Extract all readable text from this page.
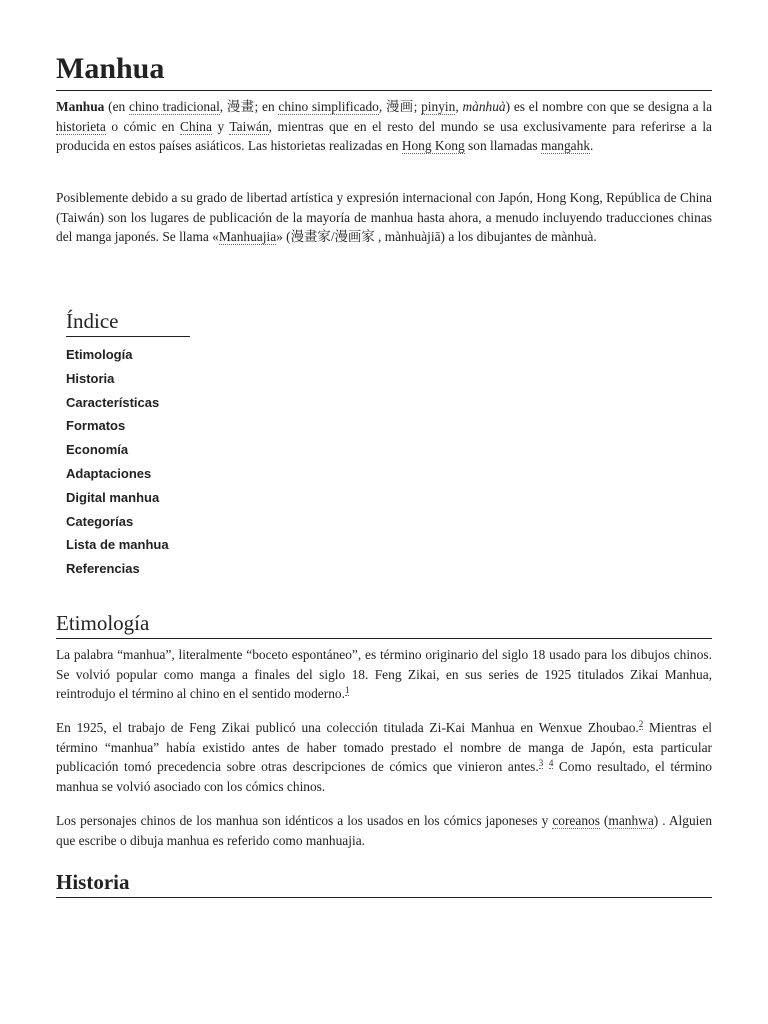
Manhua

Manhua (en chino tradicional, 漫畫; en chino simplificado, 漫画; pinyin, mànhuà) es el nombre con que se designa a la historieta o cómic en China y Taiwán, mientras que en el resto del mundo se usa exclusivamente para referirse a la producida en estos países asiáticos. Las historietas realizadas en Hong Kong son llamadas mangahk.

Posiblemente debido a su grado de libertad artística y expresión internacional con Japón, Hong Kong, República de China (Taiwán) son los lugares de publicación de la mayoría de manhua hasta ahora, a menudo incluyendo traducciones chinas del manga japonés. Se llama «Manhuajia» (漫畫家/漫画家 , mànhuàjiā) a los dibujantes de mànhuà.

Índice
Etimología
Historia
Características
Formatos
Economía
Adaptaciones
Digital manhua
Categorías
Lista de manhua
Referencias
Etimología

La palabra “manhua”, literalmente “boceto espontáneo”, es término originario del siglo 18 usado para los dibujos chinos. Se volvió popular como manga a finales del siglo 18. Feng Zikai, en sus series de 1925 titulados Zikai Manhua, reintrodujo el término al chino en el sentido moderno.$^1$

En 1925, el trabajo de Feng Zikai publicó una colección titulada Zi-Kai Manhua en Wenxue Zhoubao.$^2$ Mientras el término “manhua” había existido antes de haber tomado prestado el nombre de manga de Japón, esta particular publicación tomó precedencia sobre otras descripciones de cómics que vinieron antes.$^3$ $^4$ Como resultado, el término manhua se volvió asociado con los cómics chinos.

Los personajes chinos de los manhua son idénticos a los usados en los cómics japoneses y coreanos (manhwa) . Alguien que escribe o dibuja manhua es referido como manhuajia.

Historia
